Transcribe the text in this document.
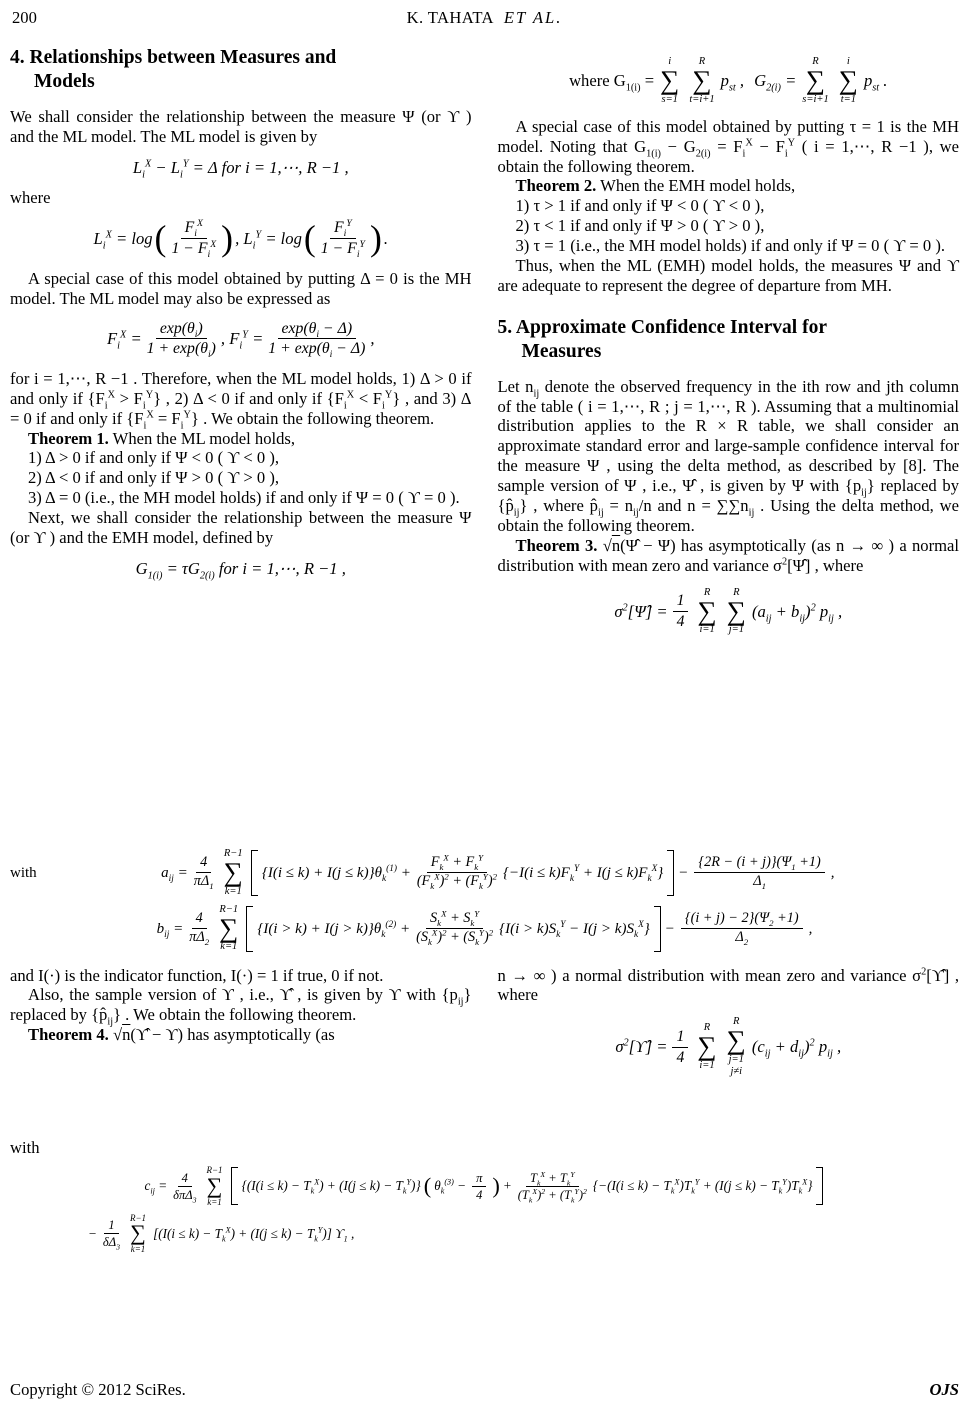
200	K. TAHATA ET AL.
4. Relationships between Measures and
Models

We shall consider the relationship between the measure Ψ (or ϒ ) and the ML model. The ML model is given by

$L_i^X - L_i^Y = \Delta$ for i = 1,⋯, R −1 ,

where

$L_i^X = \log$ ( $\frac{F_i^X}{1 - F_i^X}$ ) , $L_i^Y = \log$ ( $\frac{F_i^Y}{1 - F_i^Y}$ ) .

A special case of this model obtained by putting Δ = 0 is the MH model. The ML model may also be expressed as

$F_i^X = \frac{\exp(\theta_i)}{1 + \exp(\theta_i)}$ , $F_i^Y = \frac{\exp(\theta_i - \Delta)}{1 + \exp(\theta_i - \Delta)}$ ,

for i = 1,⋯, R −1 . Therefore, when the ML model holds, 1) Δ > 0 if and only if $\{F_i^X > F_i^Y\}$ , 2) Δ < 0 if and only if $\{F_i^X < F_i^Y\}$ , and 3) Δ = 0 if and only if $\{F_i^X = F_i^Y\}$ . We obtain the following theorem.

Theorem 1. When the ML model holds,

1) Δ > 0 if and only if Ψ < 0 ( ϒ < 0 ),

2) Δ < 0 if and only if Ψ > 0 ( ϒ > 0 ),

3) Δ = 0 (i.e., the MH model holds) if and only if Ψ = 0 ( ϒ = 0 ).

Next, we shall consider the relationship between the measure Ψ (or ϒ ) and the EMH model, defined by

$G_{1(i)} = \tau G_{2(i)}$ for i = 1,⋯, R −1 ,
where $G_{1(i)}$ =
i
∑
s=1
R
∑
t=i+1
$p_{st}$ , $G_{2(i)}$ =
R
∑
s=i+1
i
∑
t=1
$p_{st}$ .

A special case of this model obtained by putting τ = 1 is the MH model. Noting that $G_{1(i)} - G_{2(i)} = F_i^X - F_i^Y$ ( i = 1,⋯, R −1 ), we obtain the following theorem.

Theorem 2. When the EMH model holds,

1) τ > 1 if and only if Ψ < 0 ( ϒ < 0 ),

2) τ < 1 if and only if Ψ > 0 ( ϒ > 0 ),

3) τ = 1 (i.e., the MH model holds) if and only if Ψ = 0 ( ϒ = 0 ).

Thus, when the ML (EMH) model holds, the measures Ψ and ϒ are adequate to represent the degree of departure from MH.

5. Approximate Confidence Interval for
Measures

Let $n_{ij}$ denote the observed frequency in the ith row and jth column of the table ( i = 1,⋯, R ; j = 1,⋯, R ). Assuming that a multinomial distribution applies to the R × R table, we shall consider an approximate standard error and large-sample confidence interval for the measure Ψ , using the delta method, as described by [8]. The sample version of Ψ , i.e., Ψ̂ , is given by Ψ with $\{p_{ij}\}$ replaced by $\{p̂_{ij}\}$ , where $p̂_{ij} = n_{ij}/n$ and $n = \sum\sum n_{ij}$ . Using the delta method, we obtain the following theorem.

Theorem 3. √n(Ψ̂ − Ψ) has asymptotically (as n → ∞ ) a normal distribution with mean zero and variance $\sigma^2[\Psî]$ , where

$\sigma^2[\Psî] = \frac{1}{4}$
R
∑
i=1
R
∑
j=1
$(a_{ij} + b_{ij})^2$ $p_{ij}$ ,
with	$a_{ij} = \frac{4}{\pi\Delta_1}$
R−1
∑
k=1
$\{I(i \le k) + I(j \le k)\}\theta_k^{(1)} + \frac{F_k^X + F_k^Y}{(F_k^X)^2 + (F_k^Y)^2} \{-I(i \le k)F_k^Y + I(j \le k)F_k^X\} - \frac{\{2R - (i + j)\}(\Psi_1 +1)}{\Delta_1}$ ,
$b_{ij} = \frac{4}{\pi\Delta_2}$
R−1
∑
k=1
$\{I(i > k) + I(j > k)\}\theta_k^{(2)} + \frac{S_k^X + S_k^Y}{(S_k^X)^2 + (S_k^Y)^2} \{I(i > k)S_k^Y - I(j > k)S_k^X\} - \frac{\{(i + j) - 2\}(\Psi_2 +1)}{\Delta_2}$ ,

and I(·) is the indicator function, I(·) = 1 if true, 0 if not.

Also, the sample version of ϒ , i.e., ϒ̂ , is given by ϒ with $\{p_{ij}\}$ replaced by $\{p̂_{ij}\}$ . We obtain the following theorem.

Theorem 4. √n(ϒ̂ − ϒ) has asymptotically (as

n → ∞ ) a normal distribution with mean zero and variance $\sigma^2[ϒ̂]$ , where

$\sigma^2[ϒ̂] = \frac{1}{4}$
R
∑
i=1
R
∑
j=1
j≠i
$(c_{ij} + d_{ij})^2$ $p_{ij}$ ,

with

$c_{ij} = \frac{4}{\delta\pi\Delta_3}$
R−1
∑
k=1
$\{(I(i \le k) - T_k^X) + (I(j \le k) - T_k^Y)\}$ ( $\theta_k^{(3)} - \frac{\pi}{4}$ ) + $\frac{T_k^X + T_k^Y}{(T_k^X)^2 + (T_k^Y)^2} \{-(I(i \le k) - T_k^X)T_k^Y + (I(j \le k) - T_k^Y)T_k^X\}$
− $\frac{1}{\delta\Delta_3}$
R−1
∑
k=1
$[(I(i \le k) - T_k^X) + (I(j \le k) - T_k^Y)]$ $ϒ_1$ ,
Copyright © 2012 SciRes.	OJS
